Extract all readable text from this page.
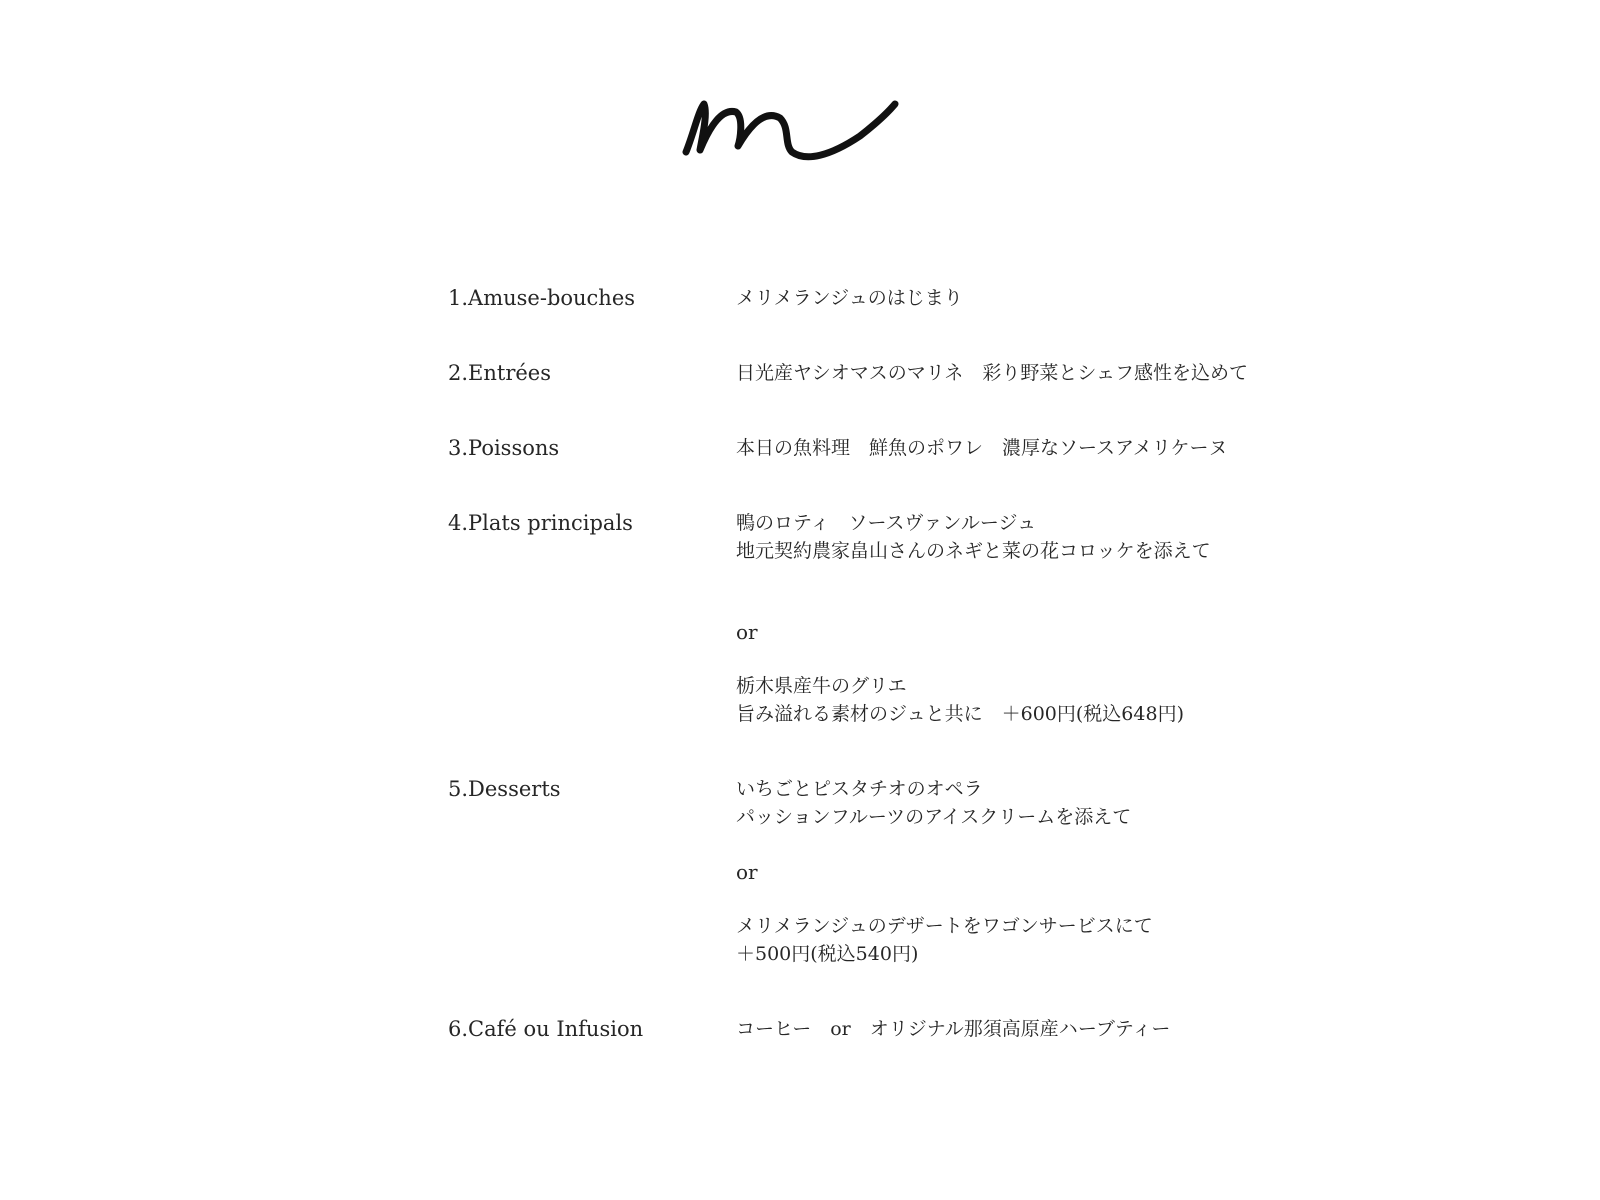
1.Amuse-bouches	メリメランジュのはじまり
2.Entrées	日光産ヤシオマスのマリネ　彩り野菜とシェフ感性を込めて
3.Poissons	本日の魚料理　鮮魚のポワレ　濃厚なソースアメリケーヌ
4.Plats principals	鴨のロティ　ソースヴァンルージュ
地元契約農家畠山さんのネギと菜の花コロッケを添えて
or
栃木県産牛のグリエ
旨み溢れる素材のジュと共に　＋600円(税込648円)
5.Desserts	いちごとピスタチオのオペラ
パッションフルーツのアイスクリームを添えて
or
メリメランジュのデザートをワゴンサービスにて
＋500円(税込540円)
6.Café ou Infusion	コーヒー　or　オリジナル那須高原産ハーブティー
